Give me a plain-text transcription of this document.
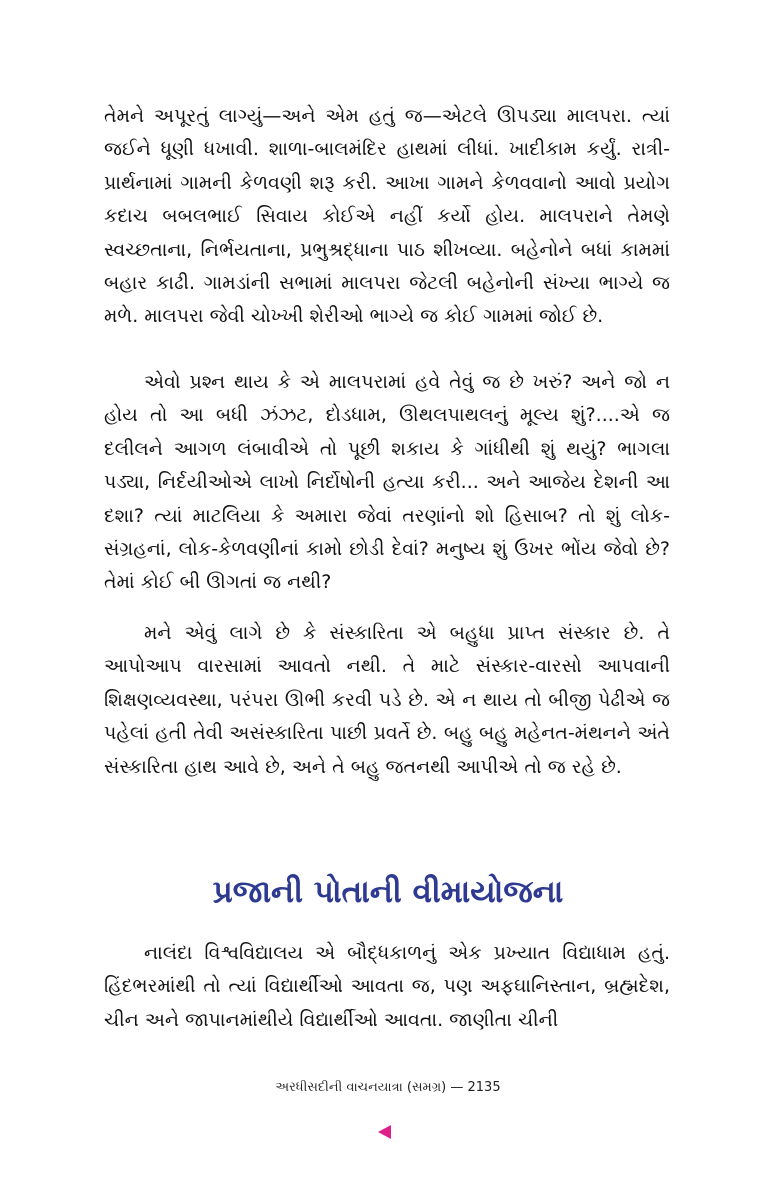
તેમને અપૂરતું લાગ્યું—અને એમ હતું જ—એટલે ઊપડ્યા માલપરા. ત્યાં જઈને ધૂણી ધખાવી. શાળા-બાલમંદિર હાથમાં લીધાં. ખાદીકામ કર્યું. રાત્રી-પ્રાર્થનામાં ગામની કેળવણી શરૂ કરી. આખા ગામને કેળવવાનો આવો પ્રયોગ કદાચ બબલભાઈ સિવાય કોઈએ નહીં કર્યો હોય. માલપરાને તેમણે સ્વચ્છતાના, નિર્ભયતાના, પ્રભુશ્રદ્ધાના પાઠ શીખવ્યા. બહેનોને બધાં કામમાં બહાર કાઢી. ગામડાંની સભામાં માલપરા જેટલી બહેનોની સંખ્યા ભાગ્યે જ મળે. માલપરા જેવી ચોખ્ખી શેરીઓ ભાગ્યે જ કોઈ ગામમાં જોઈ છે.

એવો પ્રશ્ન થાય કે એ માલપરામાં હવે તેવું જ છે ખરું? અને જો ન હોય તો આ બધી ઝંઝટ, દોડધામ, ઊથલપાથલનું મૂલ્ય શું?....એ જ દલીલને આગળ લંબાવીએ તો પૂછી શકાય કે ગાંધીથી શું થયું? ભાગલા પડ્યા, નિર્દયીઓએ લાખો નિર્દોષોની હત્યા કરી... અને આજેય દેશની આ દશા? ત્યાં માટલિયા કે અમારા જેવાં તરણાંનો શો હિસાબ? તો શું લોક-સંગ્રહનાં, લોક-કેળવણીનાં કામો છોડી દેવાં? મનુષ્ય શું ઉખર ભોંય જેવો છે? તેમાં કોઈ બી ઊગતાં જ નથી?

મને એવું લાગે છે કે સંસ્કારિતા એ બહુધા પ્રાપ્ત સંસ્કાર છે. તે આપોઆપ વારસામાં આવતો નથી. તે માટે સંસ્કાર-વારસો આપવાની શિક્ષણવ્યવસ્થા, પરંપરા ઊભી કરવી પડે છે. એ ન થાય તો બીજી પેઢીએ જ પહેલાં હતી તેવી અસંસ્કારિતા પાછી પ્રવર્તે છે. બહુ બહુ મહેનત-મંથનને અંતે સંસ્કારિતા હાથ આવે છે, અને તે બહુ જતનથી આપીએ તો જ રહે છે.

પ્રજાની પોતાની વીમાયોજના

નાલંદા વિશ્વવિદ્યાલય એ બૌદ્ધકાળનું એક પ્રખ્યાત વિદ્યાધામ હતું. હિંદભરમાંથી તો ત્યાં વિદ્યાર્થીઓ આવતા જ, પણ અફઘાનિસ્તાન, બ્રહ્મદેશ, ચીન અને જાપાનમાંથીયે વિદ્યાર્થીઓ આવતા. જાણીતા ચીની

અરધીસદીની વાચનયાત્રા (સમગ્ર) — 2135
